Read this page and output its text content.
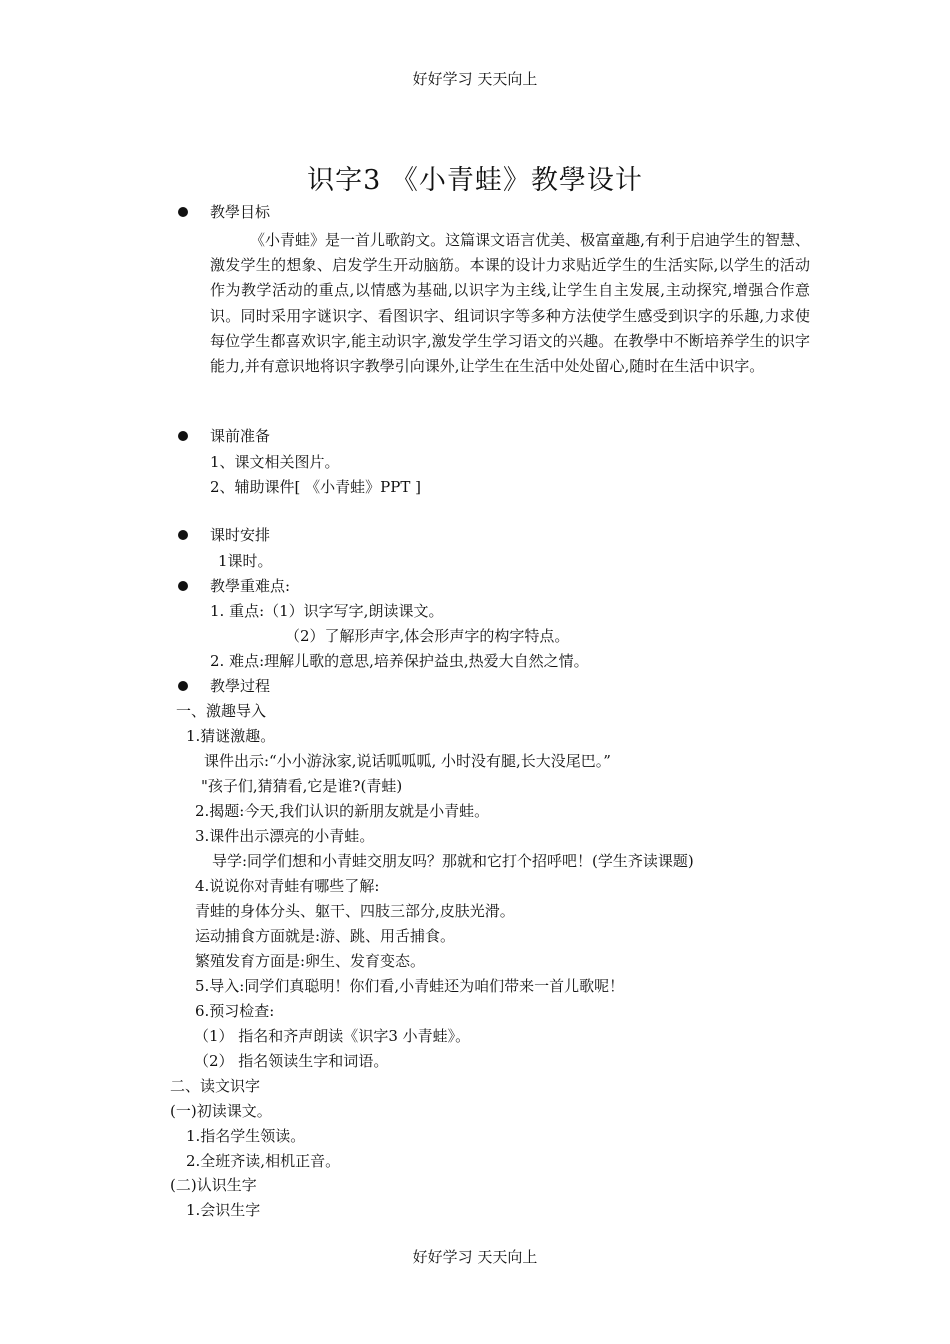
好好学习 天天向上
识字3 《小青蛙》教學设计
教學目标
《小青蛙》是一首儿歌韵文。这篇课文语言优美、极富童趣,有利于启迪学生的智慧、激发学生的想象、启发学生开动脑筋。本课的设计力求贴近学生的生活实际,以学生的活动作为教学活动的重点,以情感为基础,以识字为主线,让学生自主发展,主动探究,增强合作意识。同时采用字谜识字、看图识字、组词识字等多种方法使学生感受到识字的乐趣,力求使每位学生都喜欢识字,能主动识字,激发学生学习语文的兴趣。在教學中不断培养学生的识字能力,并有意识地将识字教學引向课外,让学生在生活中处处留心,随时在生活中识字。
课前准备
1、课文相关图片。
2、辅助课件[ 《小青蛙》PPT ]
课时安排
1课时。
教學重难点:
1. 重点:（1）识字写字,朗读课文。
（2）了解形声字,体会形声字的构字特点。
2. 难点:理解儿歌的意思,培养保护益虫,热爱大自然之情。
教學过程
一、激趣导入
1.猜谜激趣。
课件出示:“小小游泳家,说话呱呱呱, 小时没有腿,长大没尾巴。”
"孩子们,猜猜看,它是谁?(青蛙)
2.揭题:今天,我们认识的新朋友就是小青蛙。
3.课件出示漂亮的小青蛙。
导学:同学们想和小青蛙交朋友吗？那就和它打个招呼吧！(学生齐读课题)
4.说说你对青蛙有哪些了解:
青蛙的身体分头、躯干、四肢三部分,皮肤光滑。
运动捕食方面就是:游、跳、用舌捕食。
繁殖发育方面是:卵生、发育变态。
5.导入:同学们真聪明！你们看,小青蛙还为咱们带来一首儿歌呢！
6.预习检查:
（1） 指名和齐声朗读《识字3 小青蛙》。
（2） 指名领读生字和词语。
二、读文识字
(一)初读课文。
1.指名学生领读。
2.全班齐读,相机正音。
(二)认识生字
1.会识生字
好好学习 天天向上
